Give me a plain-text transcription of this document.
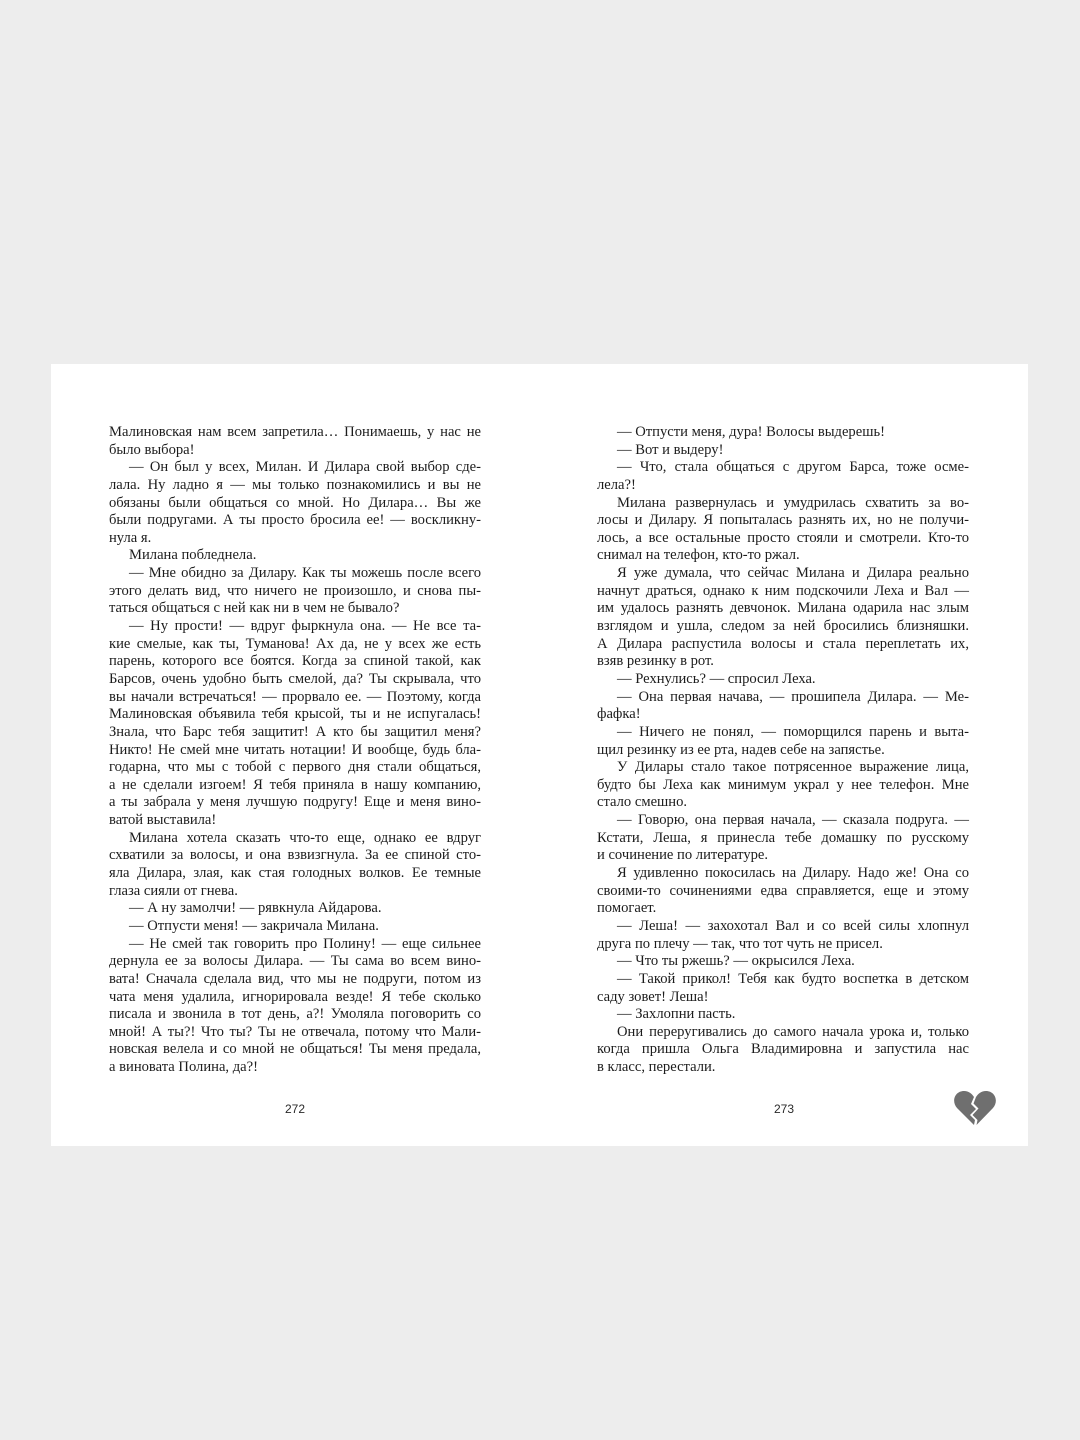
Малиновская нам всем запретила… Понимаешь, у нас не
было выбора!
— Он был у всех, Милан. И Дилара свой выбор сде-
лала. Ну ладно я — мы только познакомились и вы не
обязаны были общаться со мной. Но Дилара… Вы же
были подругами. А ты просто бросила ее! — воскликну-
нула я.
Милана побледнела.
— Мне обидно за Дилару. Как ты можешь после всего
этого делать вид, что ничего не произошло, и снова пы-
таться общаться с ней как ни в чем не бывало?
— Ну прости! — вдруг фыркнула она. — Не все та-
кие смелые, как ты, Туманова! Ах да, не у всех же есть
парень, которого все боятся. Когда за спиной такой, как
Барсов, очень удобно быть смелой, да? Ты скрывала, что
вы начали встречаться! — прорвало ее. — Поэтому, когда
Малиновская объявила тебя крысой, ты и не испугалась!
Знала, что Барс тебя защитит! А кто бы защитил меня?
Никто! Не смей мне читать нотации! И вообще, будь бла-
годарна, что мы с тобой с первого дня стали общаться,
а не сделали изгоем! Я тебя приняла в нашу компанию,
а ты забрала у меня лучшую подругу! Еще и меня вино-
ватой выставила!
Милана хотела сказать что-то еще, однако ее вдруг
схватили за волосы, и она взвизгнула. За ее спиной сто-
яла Дилара, злая, как стая голодных волков. Ее темные
глаза сияли от гнева.
— А ну замолчи! — рявкнула Айдарова.
— Отпусти меня! — закричала Милана.
— Не смей так говорить про Полину! — еще сильнее
дернула ее за волосы Дилара. — Ты сама во всем вино-
вата! Сначала сделала вид, что мы не подруги, потом из
чата меня удалила, игнорировала везде! Я тебе сколько
писала и звонила в тот день, а?! Умоляла поговорить со
мной! А ты?! Что ты? Ты не отвечала, потому что Мали-
новская велела и со мной не общаться! Ты меня предала,
а виновата Полина, да?!
— Отпусти меня, дура! Волосы выдерешь!
— Вот и выдеру!
— Что, стала общаться с другом Барса, тоже осме-
лела?!
Милана развернулась и умудрилась схватить за во-
лосы и Дилару. Я попыталась разнять их, но не получи-
лось, а все остальные просто стояли и смотрели. Кто-то
снимал на телефон, кто-то ржал.
Я уже думала, что сейчас Милана и Дилара реально
начнут драться, однако к ним подскочили Леха и Вал —
им удалось разнять девчонок. Милана одарила нас злым
взглядом и ушла, следом за ней бросились близняшки.
А Дилара распустила волосы и стала переплетать их,
взяв резинку в рот.
— Рехнулись? — спросил Леха.
— Она первая начава, — прошипела Дилара. — Ме-
фафка!
— Ничего не понял, — поморщился парень и выта-
щил резинку из ее рта, надев себе на запястье.
У Дилары стало такое потрясенное выражение лица,
будто бы Леха как минимум украл у нее телефон. Мне
стало смешно.
— Говорю, она первая начала, — сказала подруга. —
Кстати, Леша, я принесла тебе домашку по русскому
и сочинение по литературе.
Я удивленно покосилась на Дилару. Надо же! Она со
своими-то сочинениями едва справляется, еще и этому
помогает.
— Леша! — захохотал Вал и со всей силы хлопнул
друга по плечу — так, что тот чуть не присел.
— Что ты ржешь? — окрысился Леха.
— Такой прикол! Тебя как будто воспетка в детском
саду зовет! Леша!
— Захлопни пасть.
Они переругивались до самого начала урока и, только
когда пришла Ольга Владимировна и запустила нас
в класс, перестали.
272	273
